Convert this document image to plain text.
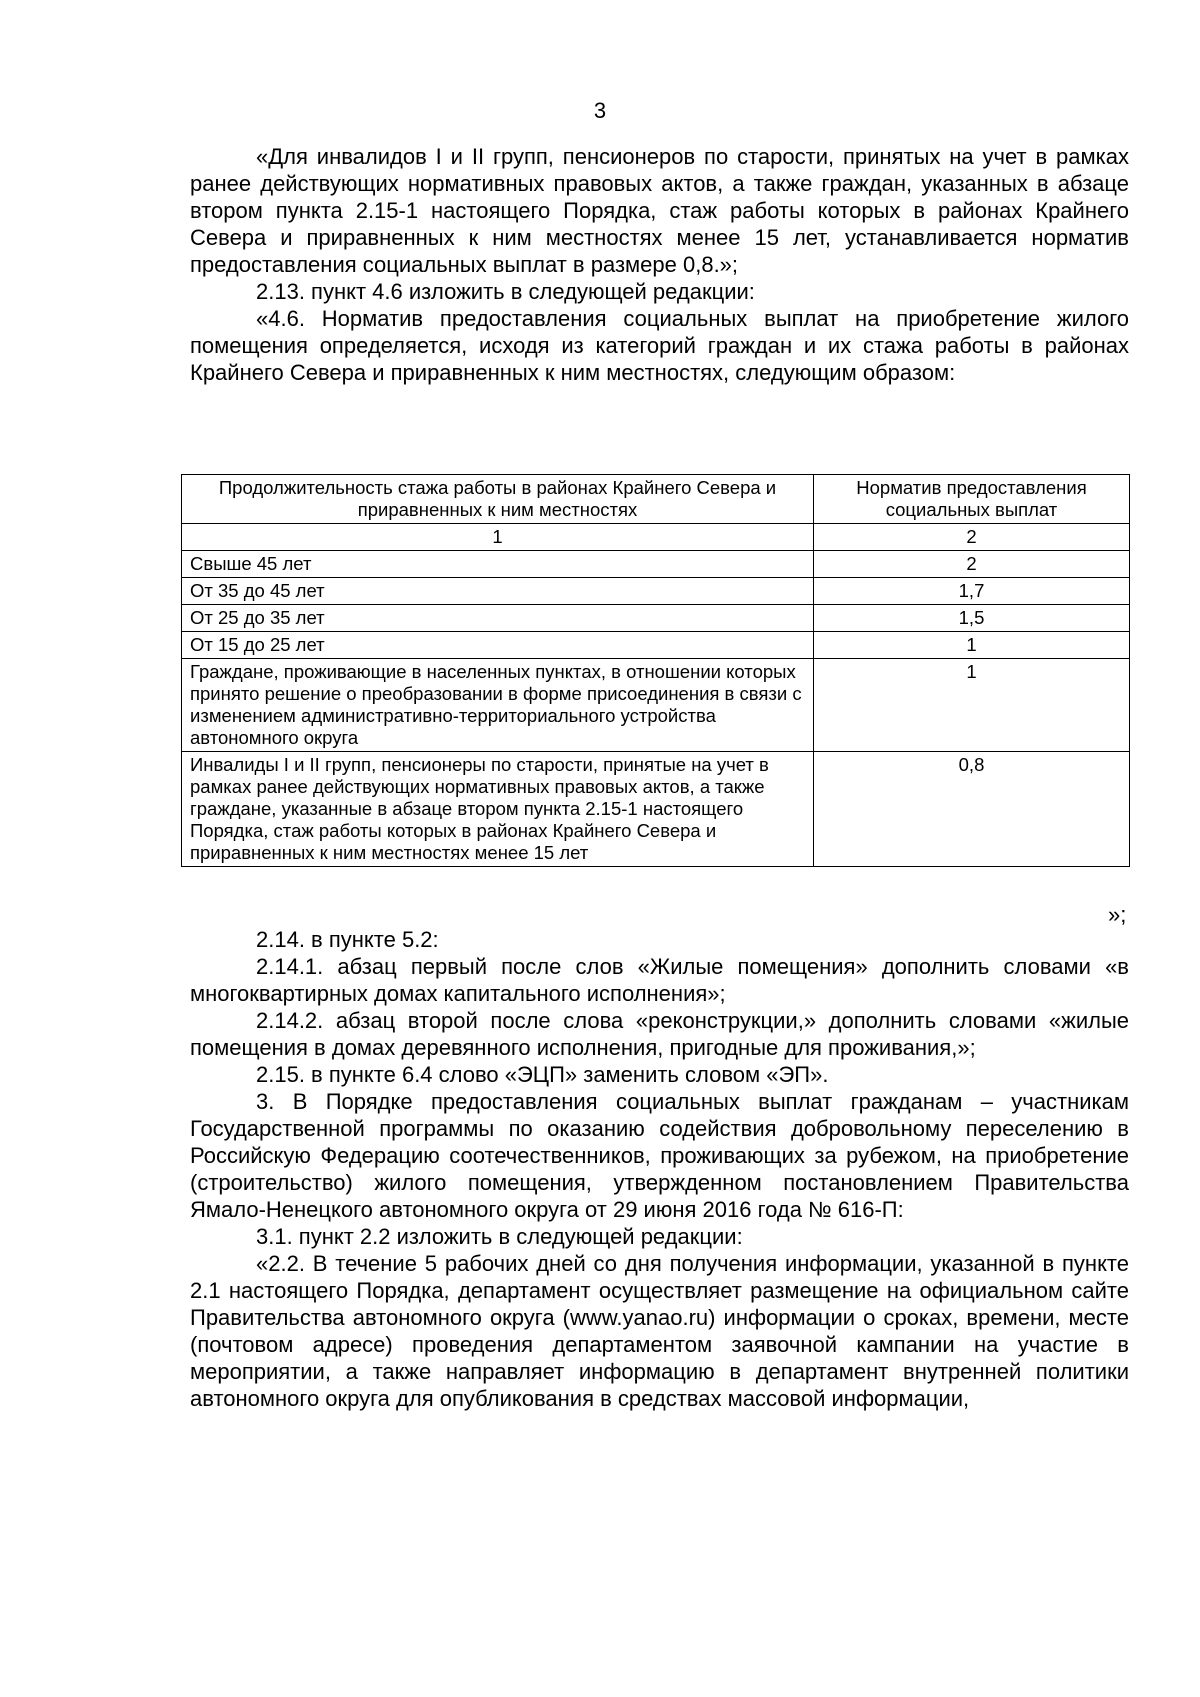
3

«Для инвалидов I и II групп, пенсионеров по старости, принятых на учет в рамках ранее действующих нормативных правовых актов, а также граждан, указанных в абзаце втором пункта 2.15-1 настоящего Порядка, стаж работы которых в районах Крайнего Севера и приравненных к ним местностях менее 15 лет, устанавливается норматив предоставления социальных выплат в размере 0,8.»;

2.13. пункт 4.6 изложить в следующей редакции:

«4.6. Норматив предоставления социальных выплат на приобретение жилого помещения определяется, исходя из категорий граждан и их стажа работы в районах Крайнего Севера и приравненных к ним местностях, следующим образом:

Продолжительность стажа работы в районах Крайнего Севера и приравненных к ним местностях	Норматив предоставления социальных выплат
1	2
Свыше 45 лет	2
От 35 до 45 лет	1,7
От 25 до 35 лет	1,5
От 15 до 25 лет	1
Граждане, проживающие в населенных пунктах, в отношении которых принято решение о преобразовании в форме присоединения в связи с изменением административно-территориального устройства автономного округа	1
Инвалиды I и II групп, пенсионеры по старости, принятые на учет в рамках ранее действующих нормативных правовых актов, а также граждане, указанные в абзаце втором пункта 2.15-1 настоящего Порядка, стаж работы которых в районах Крайнего Севера и приравненных к ним местностях менее 15 лет	0,8
»;

2.14. в пункте 5.2:

2.14.1. абзац первый после слов «Жилые помещения» дополнить словами «в многоквартирных домах капитального исполнения»;

2.14.2. абзац второй после слова «реконструкции,» дополнить словами «жилые помещения в домах деревянного исполнения, пригодные для проживания,»;

2.15. в пункте 6.4 слово «ЭЦП» заменить словом «ЭП».

3. В Порядке предоставления социальных выплат гражданам – участникам Государственной программы по оказанию содействия добровольному переселению в Российскую Федерацию соотечественников, проживающих за рубежом, на приобретение (строительство) жилого помещения, утвержденном постановлением Правительства Ямало-Ненецкого автономного округа от 29 июня 2016 года № 616-П:

3.1. пункт 2.2 изложить в следующей редакции:

«2.2. В течение 5 рабочих дней со дня получения информации, указанной в пункте 2.1 настоящего Порядка, департамент осуществляет размещение на официальном сайте Правительства автономного округа (www.yanao.ru) информации о сроках, времени, месте (почтовом адресе) проведения департаментом заявочной кампании на участие в мероприятии, а также направляет информацию в департамент внутренней политики автономного округа для опубликования в средствах массовой информации,
